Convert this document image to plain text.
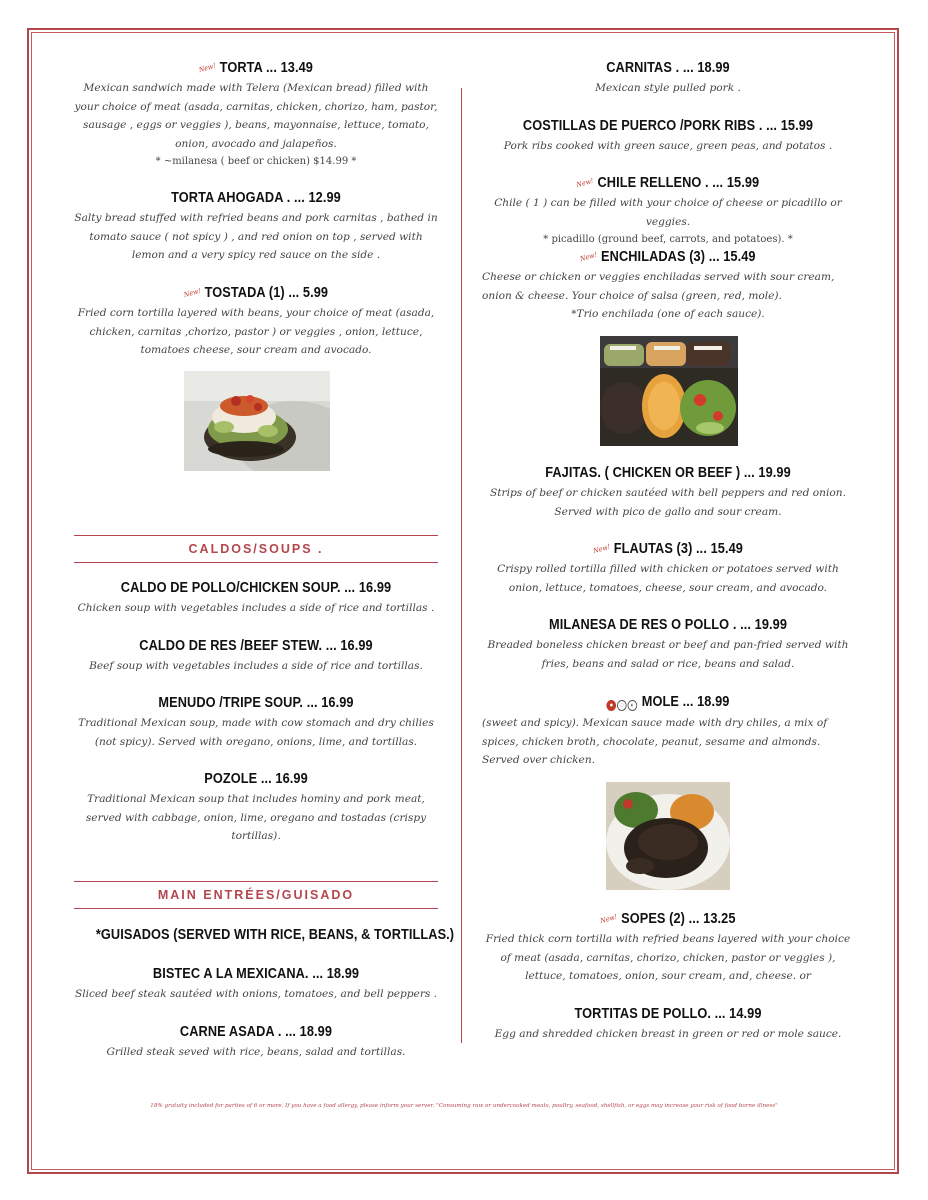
New! TORTA ... 13.49
Mexican sandwich made with Telera (Mexican bread) filled with your choice of meat (asada, carnitas, chicken, chorizo, ham, pastor, sausage , eggs or veggies ), beans, mayonnaise, lettuce, tomato, onion, avocado and jalapeños.
* ~milanesa ( beef or chicken) $14.99 *
TORTA AHOGADA . ... 12.99
Salty bread stuffed with refried beans and pork carnitas , bathed in tomato sauce ( not spicy ) , and red onion on top , served with lemon and a very spicy red sauce on the side .
New! TOSTADA (1) ... 5.99
Fried corn tortilla layered with beans, your choice of meat (asada, chicken, carnitas ,chorizo, pastor ) or veggies , onion, lettuce, tomatoes cheese, sour cream and avocado.
CALDOS/SOUPS .
CALDO DE POLLO/CHICKEN SOUP. ... 16.99
Chicken soup with vegetables includes a side of rice and tortillas .
CALDO DE RES /BEEF STEW. ... 16.99
Beef soup with vegetables includes a side of rice and tortillas.
MENUDO /TRIPE SOUP. ... 16.99
Traditional Mexican soup, made with cow stomach and dry chilies (not spicy). Served with oregano, onions, lime, and tortillas.
POZOLE ... 16.99
Traditional Mexican soup that includes hominy and pork meat, served with cabbage, onion, lime, oregano and tostadas (crispy tortillas).
MAIN ENTRÉES/GUISADO
*GUISADOS (SERVED WITH RICE, BEANS, & TORTILLAS.)
BISTEC A LA MEXICANA. ... 18.99
Sliced beef steak sautéed with onions, tomatoes, and bell peppers .
CARNE ASADA . ... 18.99
Grilled steak seved with rice, beans, salad and tortillas.
CARNITAS . ... 18.99
Mexican style pulled pork .
COSTILLAS DE PUERCO /PORK RIBS . ... 15.99
Pork ribs cooked with green sauce, green peas, and potatos .
New! CHILE RELLENO . ... 15.99
Chile ( 1 ) can be filled with your choice of cheese or picadillo or veggies.
* picadillo (ground beef, carrots, and potatoes). *
New! ENCHILADAS (3) ... 15.49
Cheese or chicken or veggies enchiladas served with sour cream, onion & cheese. Your choice of salsa (green, red, mole).
*Trio enchilada (one of each sauce).
FAJITAS. ( CHICKEN OR BEEF ) ... 19.99
Strips of beef or chicken sautéed with bell peppers and red onion. Served with pico de gallo and sour cream.
New! FLAUTAS (3) ... 15.49
Crispy rolled tortilla filled with chicken or potatoes served with onion, lettuce, tomatoes, cheese, sour cream, and avocado.
MILANESA DE RES O POLLO . ... 19.99
Breaded boneless chicken breast or beef and pan-fried served with fries, beans and salad or rice, beans and salad.
● ◌ ◐ MOLE ... 18.99
(sweet and spicy). Mexican sauce made with dry chiles, a mix of spices, chicken broth, chocolate, peanut, sesame and almonds. Served over chicken.
New! SOPES (2) ... 13.25
Fried thick corn tortilla with refried beans layered with your choice of meat (asada, carnitas, chorizo, chicken, pastor or veggies ), lettuce, tomatoes, onion, sour cream, and, cheese. or
TORTITAS DE POLLO. ... 14.99
Egg and shredded chicken breast in green or red or mole sauce.
18% gratuity included for parties of 6 or more. If you have a food allergy, please inform your server. "Consuming raw or undercooked meats, poultry, seafood, shellfish, or eggs may increase your risk of food borne illness"
